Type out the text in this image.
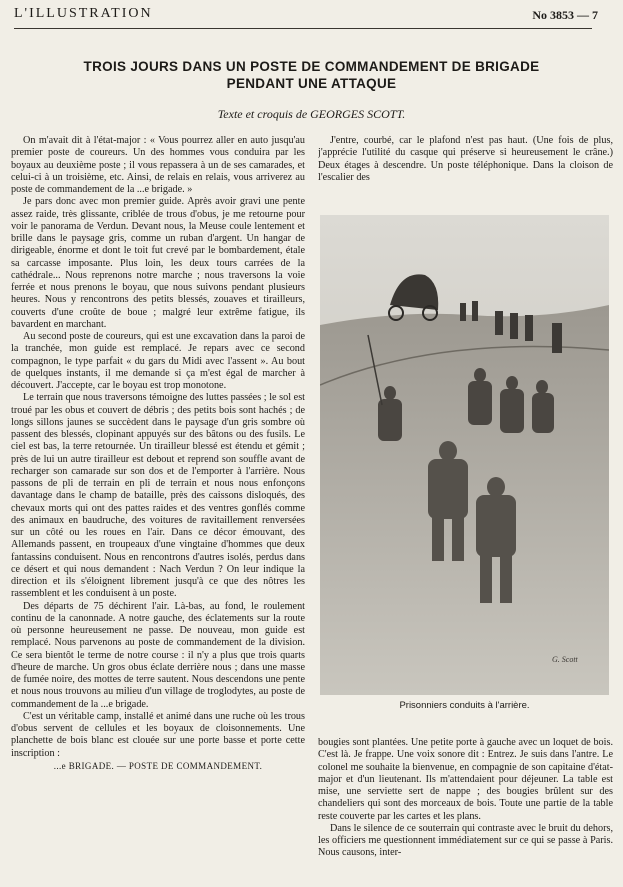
L'ILLUSTRATION	No 3853 — 7
TROIS JOURS DANS UN POSTE DE COMMANDEMENT DE BRIGADE
PENDANT UNE ATTAQUE
Texte et croquis de GEORGES SCOTT.

On m'avait dit à l'état-major : « Vous pourrez aller en auto jusqu'au premier poste de coureurs. Un des hommes vous conduira par les boyaux au deuxième poste ; il vous repassera à un de ses camarades, et celui-ci à un troisième, etc. Ainsi, de relais en relais, vous arriverez au poste de commandement de la ...e brigade. »

Je pars donc avec mon premier guide. Après avoir gravi une pente assez raide, très glissante, criblée de trous d'obus, je me retourne pour voir le panorama de Verdun. Devant nous, la Meuse coule lentement et brille dans le paysage gris, comme un ruban d'argent. Un hangar de dirigeable, énorme et dont le toit fut crevé par le bombardement, étale sa carcasse imposante. Plus loin, les deux tours carrées de la cathédrale... Nous reprenons notre marche ; nous traversons la voie ferrée et nous prenons le boyau, que nous suivons pendant plusieurs heures. Nous y rencontrons des petits blessés, zouaves et tirailleurs, couverts d'une croûte de boue ; malgré leur extrême fatigue, ils bavardent en marchant.

Au second poste de coureurs, qui est une excavation dans la paroi de la tranchée, mon guide est remplacé. Je repars avec ce second compagnon, le type parfait « du gars du Midi avec l'assent ». Au bout de quelques instants, il me demande si ça m'est égal de marcher à découvert. J'accepte, car le boyau est trop monotone.

Le terrain que nous traversons témoigne des luttes passées ; le sol est troué par les obus et couvert de débris ; des petits bois sont hachés ; de longs sillons jaunes se succèdent dans le paysage d'un gris sombre où passent des blessés, clopinant appuyés sur des bâtons ou des fusils. Le ciel est bas, la terre retournée. Un tirailleur blessé est étendu et gémit ; près de lui un autre tirailleur est debout et reprend son souffle avant de recharger son camarade sur son dos et de l'emporter à l'arrière. Nous passons de pli de terrain en pli de terrain et nous nous enfonçons davantage dans le champ de bataille, près des caissons disloqués, des chevaux morts qui ont des pattes raides et des ventres gonflés comme des animaux en baudruche, des voitures de ravitaillement renversées sur un côté ou les roues en l'air. Dans ce décor émouvant, des Allemands passent, en troupeaux d'une vingtaine d'hommes que deux fantassins conduisent. Nous en rencontrons d'autres isolés, perdus dans ce désert et qui nous demandent : Nach Verdun ? On leur indique la direction et ils s'éloignent librement jusqu'à ce que des nôtres les rassemblent et les conduisent à un poste.

Des départs de 75 déchirent l'air. Là-bas, au fond, le roulement continu de la canonnade. A notre gauche, des éclatements sur la route où personne heureusement ne passe. De nouveau, mon guide est remplacé. Nous parvenons au poste de commandement de la division. Ce sera bientôt le terme de notre course : il n'y a plus que trois quarts d'heure de marche. Un gros obus éclate derrière nous ; dans une masse de fumée noire, des mottes de terre sautent. Nous descendons une pente et nous nous trouvons au milieu d'un village de troglodytes, au poste de commandement de la ...e brigade.

C'est un véritable camp, installé et animé dans une ruche où les trous d'obus servent de cellules et les boyaux de cloisonnements. Une planchette de bois blanc est clouée sur une porte basse et porte cette inscription :

...e BRIGADE. — POSTE DE COMMANDEMENT.

J'entre, courbé, car le plafond n'est pas haut. (Une fois de plus, j'apprécie l'utilité du casque qui préserve si heureusement le crâne.) Deux étages à descendre. Un poste téléphonique. Dans la cloison de l'escalier des

G. Scott
Prisonniers conduits à l'arrière.

bougies sont plantées. Une petite porte à gauche avec un loquet de bois. C'est là. Je frappe. Une voix sonore dit : Entrez. Je suis dans l'antre. Le colonel me souhaite la bienvenue, en compagnie de son capitaine d'état-major et d'un lieutenant. Ils m'attendaient pour déjeuner. La table est mise, une serviette sert de nappe ; des bougies brûlent sur des chandeliers qui sont des morceaux de bois. Toute une partie de la table reste couverte par les cartes et les plans.

Dans le silence de ce souterrain qui contraste avec le bruit du dehors, les officiers me questionnent immédiatement sur ce qui se passe à Paris. Nous causons, inter-
